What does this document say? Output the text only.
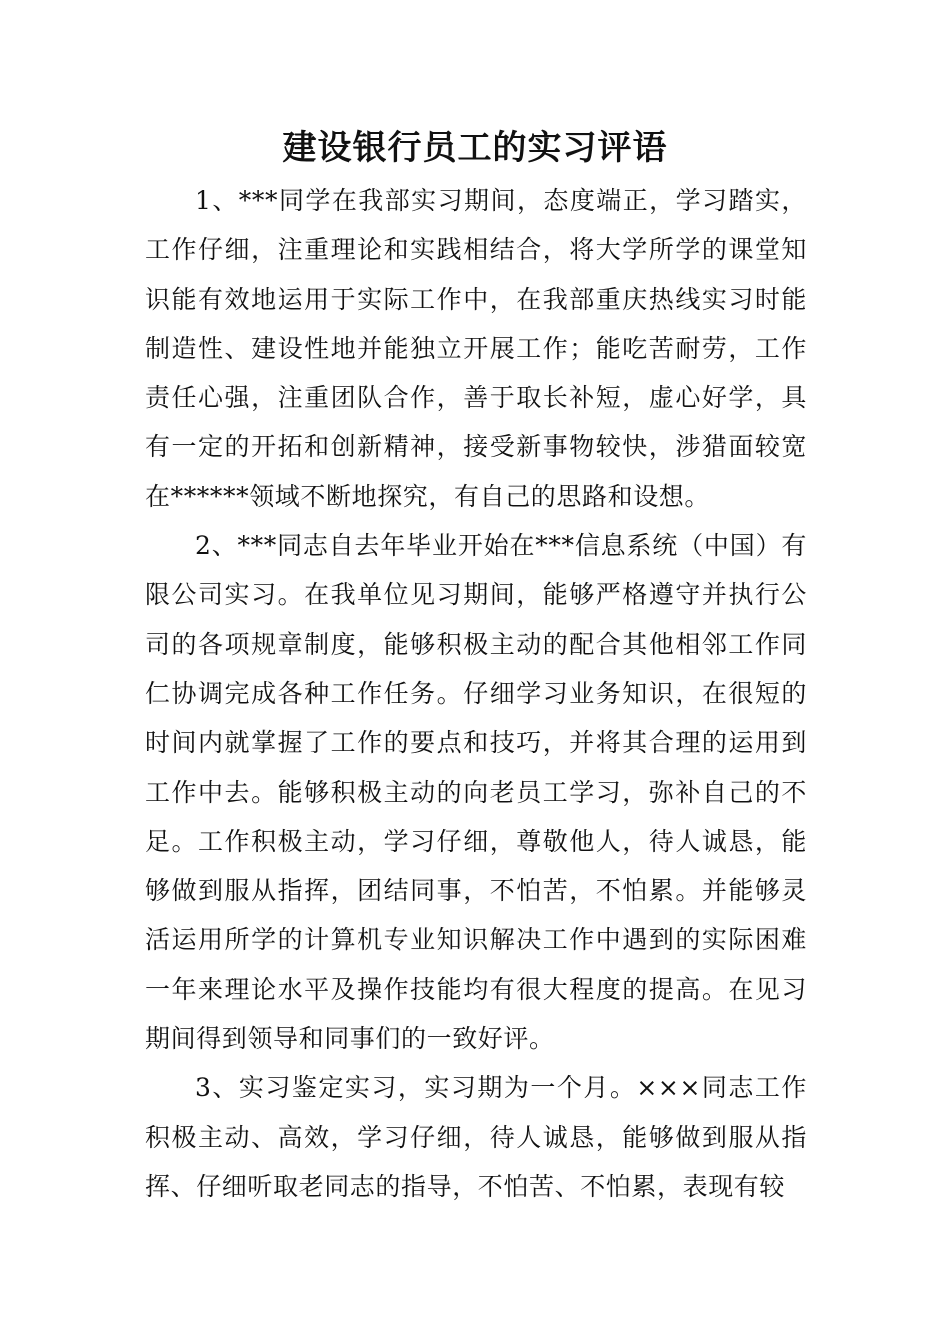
建设银行员工的实习评语

1、***同学在我部实习期间，态度端正，学习踏实，工作仔细，注重理论和实践相结合，将大学所学的课堂知识能有效地运用于实际工作中，在我部重庆热线实习时能制造性、建设性地并能独立开展工作；能吃苦耐劳，工作责任心强，注重团队合作，善于取长补短，虚心好学，具有一定的开拓和创新精神，接受新事物较快，涉猎面较宽在******领域不断地探究，有自己的思路和设想。

2、***同志自去年毕业开始在***信息系统（中国）有限公司实习。在我单位见习期间，能够严格遵守并执行公司的各项规章制度，能够积极主动的配合其他相邻工作同仁协调完成各种工作任务。仔细学习业务知识，在很短的时间内就掌握了工作的要点和技巧，并将其合理的运用到工作中去。能够积极主动的向老员工学习，弥补自己的不足。工作积极主动，学习仔细，尊敬他人，待人诚恳，能够做到服从指挥，团结同事，不怕苦，不怕累。并能够灵活运用所学的计算机专业知识解决工作中遇到的实际困难一年来理论水平及操作技能均有很大程度的提高。在见习期间得到领导和同事们的一致好评。

3、实习鉴定实习，实习期为一个月。×××同志工作积极主动、高效，学习仔细，待人诚恳，能够做到服从指挥、仔细听取老同志的指导，不怕苦、不怕累，表现有较
